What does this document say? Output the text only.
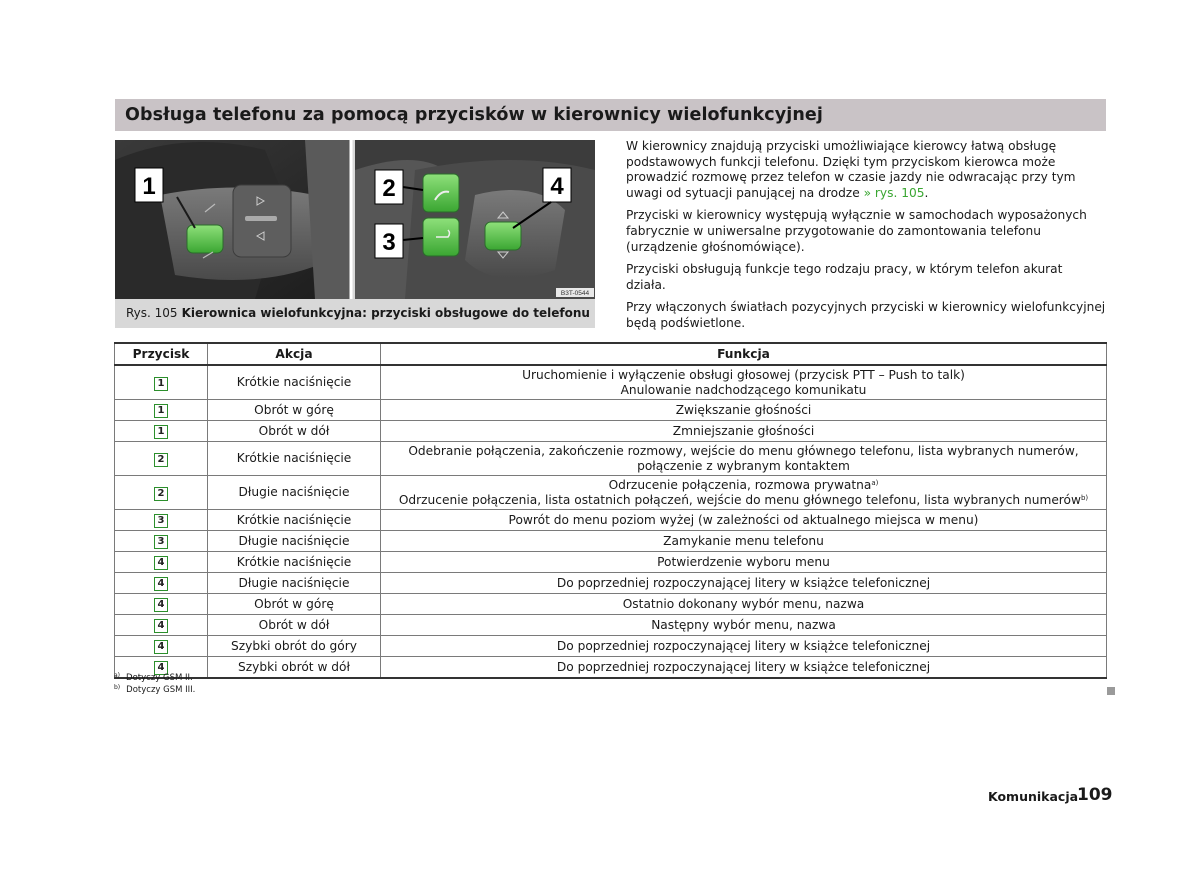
Obsługa telefonu za pomocą przycisków w kierownicy wielofunkcyjnej
1	2
3
4
B3T-0544
Rys. 105 Kierownica wielofunkcyjna: przyciski obsługowe do telefonu

W kierownicy znajdują przyciski umożliwiające kierowcy łatwą obsługę podstawowych funkcji telefonu. Dzięki tym przyciskom kierowca może prowadzić rozmowę przez telefon w czasie jazdy nie odwracając przy tym uwagi od sytuacji panującej na drodze » rys. 105.

Przyciski w kierownicy występują wyłącznie w samochodach wyposażonych fabrycznie w uniwersalne przygotowanie do zamontowania telefonu (urządzenie głośnomówiące).

Przyciski obsługują funkcje tego rodzaju pracy, w którym telefon akurat działa.

Przy włączonych światłach pozycyjnych przyciski w kierownicy wielofunkcyjnej będą podświetlone.

Przycisk	Akcja	Funkcja
1	Krótkie naciśnięcie	Uruchomienie i wyłączenie obsługi głosowej (przycisk PTT – Push to talk)
Anulowanie nadchodzącego komunikatu
1	Obrót w górę	Zwiększanie głośności
1	Obrót w dół	Zmniejszanie głośności
2	Krótkie naciśnięcie	Odebranie połączenia, zakończenie rozmowy, wejście do menu głównego telefonu, lista wybranych numerów, połączenie z wybranym kontaktem
2	Długie naciśnięcie	Odrzucenie połączenia, rozmowa prywatna$^{a)}$
Odrzucenie połączenia, lista ostatnich połączeń, wejście do menu głównego telefonu, lista wybranych numerów$^{b)}$
3	Krótkie naciśnięcie	Powrót do menu poziom wyżej (w zależności od aktualnego miejsca w menu)
3	Długie naciśnięcie	Zamykanie menu telefonu
4	Krótkie naciśnięcie	Potwierdzenie wyboru menu
4	Długie naciśnięcie	Do poprzedniej rozpoczynającej litery w książce telefonicznej
4	Obrót w górę	Ostatnio dokonany wybór menu, nazwa
4	Obrót w dół	Następny wybór menu, nazwa
4	Szybki obrót do góry	Do poprzedniej rozpoczynającej litery w książce telefonicznej
4	Szybki obrót w dół	Do poprzedniej rozpoczynającej litery w książce telefonicznej
$^{a)}$ Dotyczy GSM II.
$^{b)}$ Dotyczy GSM III.
Komunikacja
109
